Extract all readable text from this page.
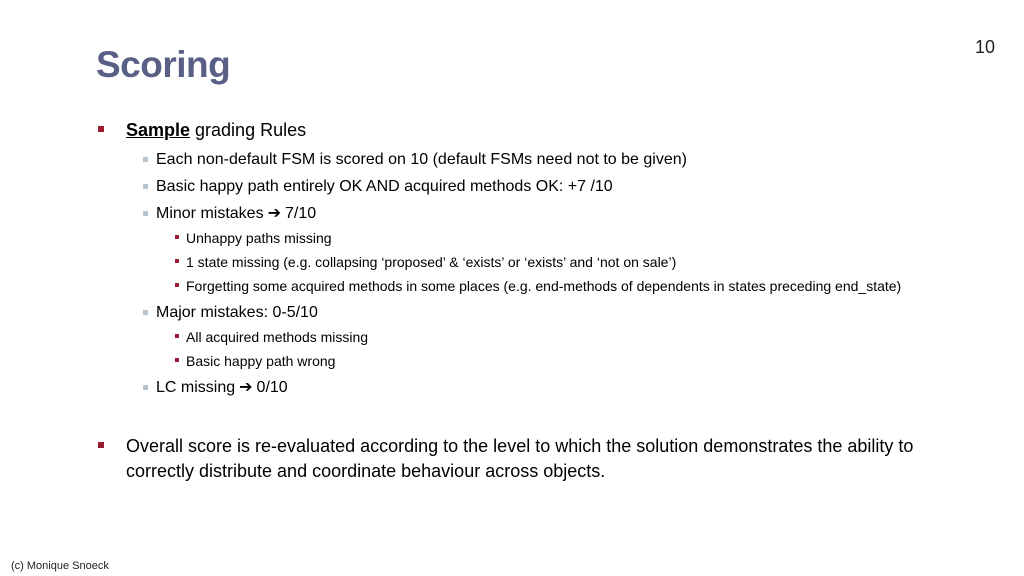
10
Scoring
Sample grading Rules
Each non-default FSM is scored on 10 (default FSMs need not to be given)
Basic happy path entirely OK AND acquired methods OK: +7 /10
Minor mistakes ➔ 7/10
Unhappy paths missing
1 state missing (e.g. collapsing ‘proposed’ & ‘exists’ or ‘exists’ and ‘not on sale’)
Forgetting some acquired methods in some places (e.g. end-methods of dependents in states preceding end_state)
Major mistakes: 0-5/10
All acquired methods missing
Basic happy path wrong
LC missing ➔ 0/10
Overall score is re-evaluated according to the level to which the solution demonstrates the ability to correctly distribute and coordinate behaviour across objects.
(c) Monique Snoeck
